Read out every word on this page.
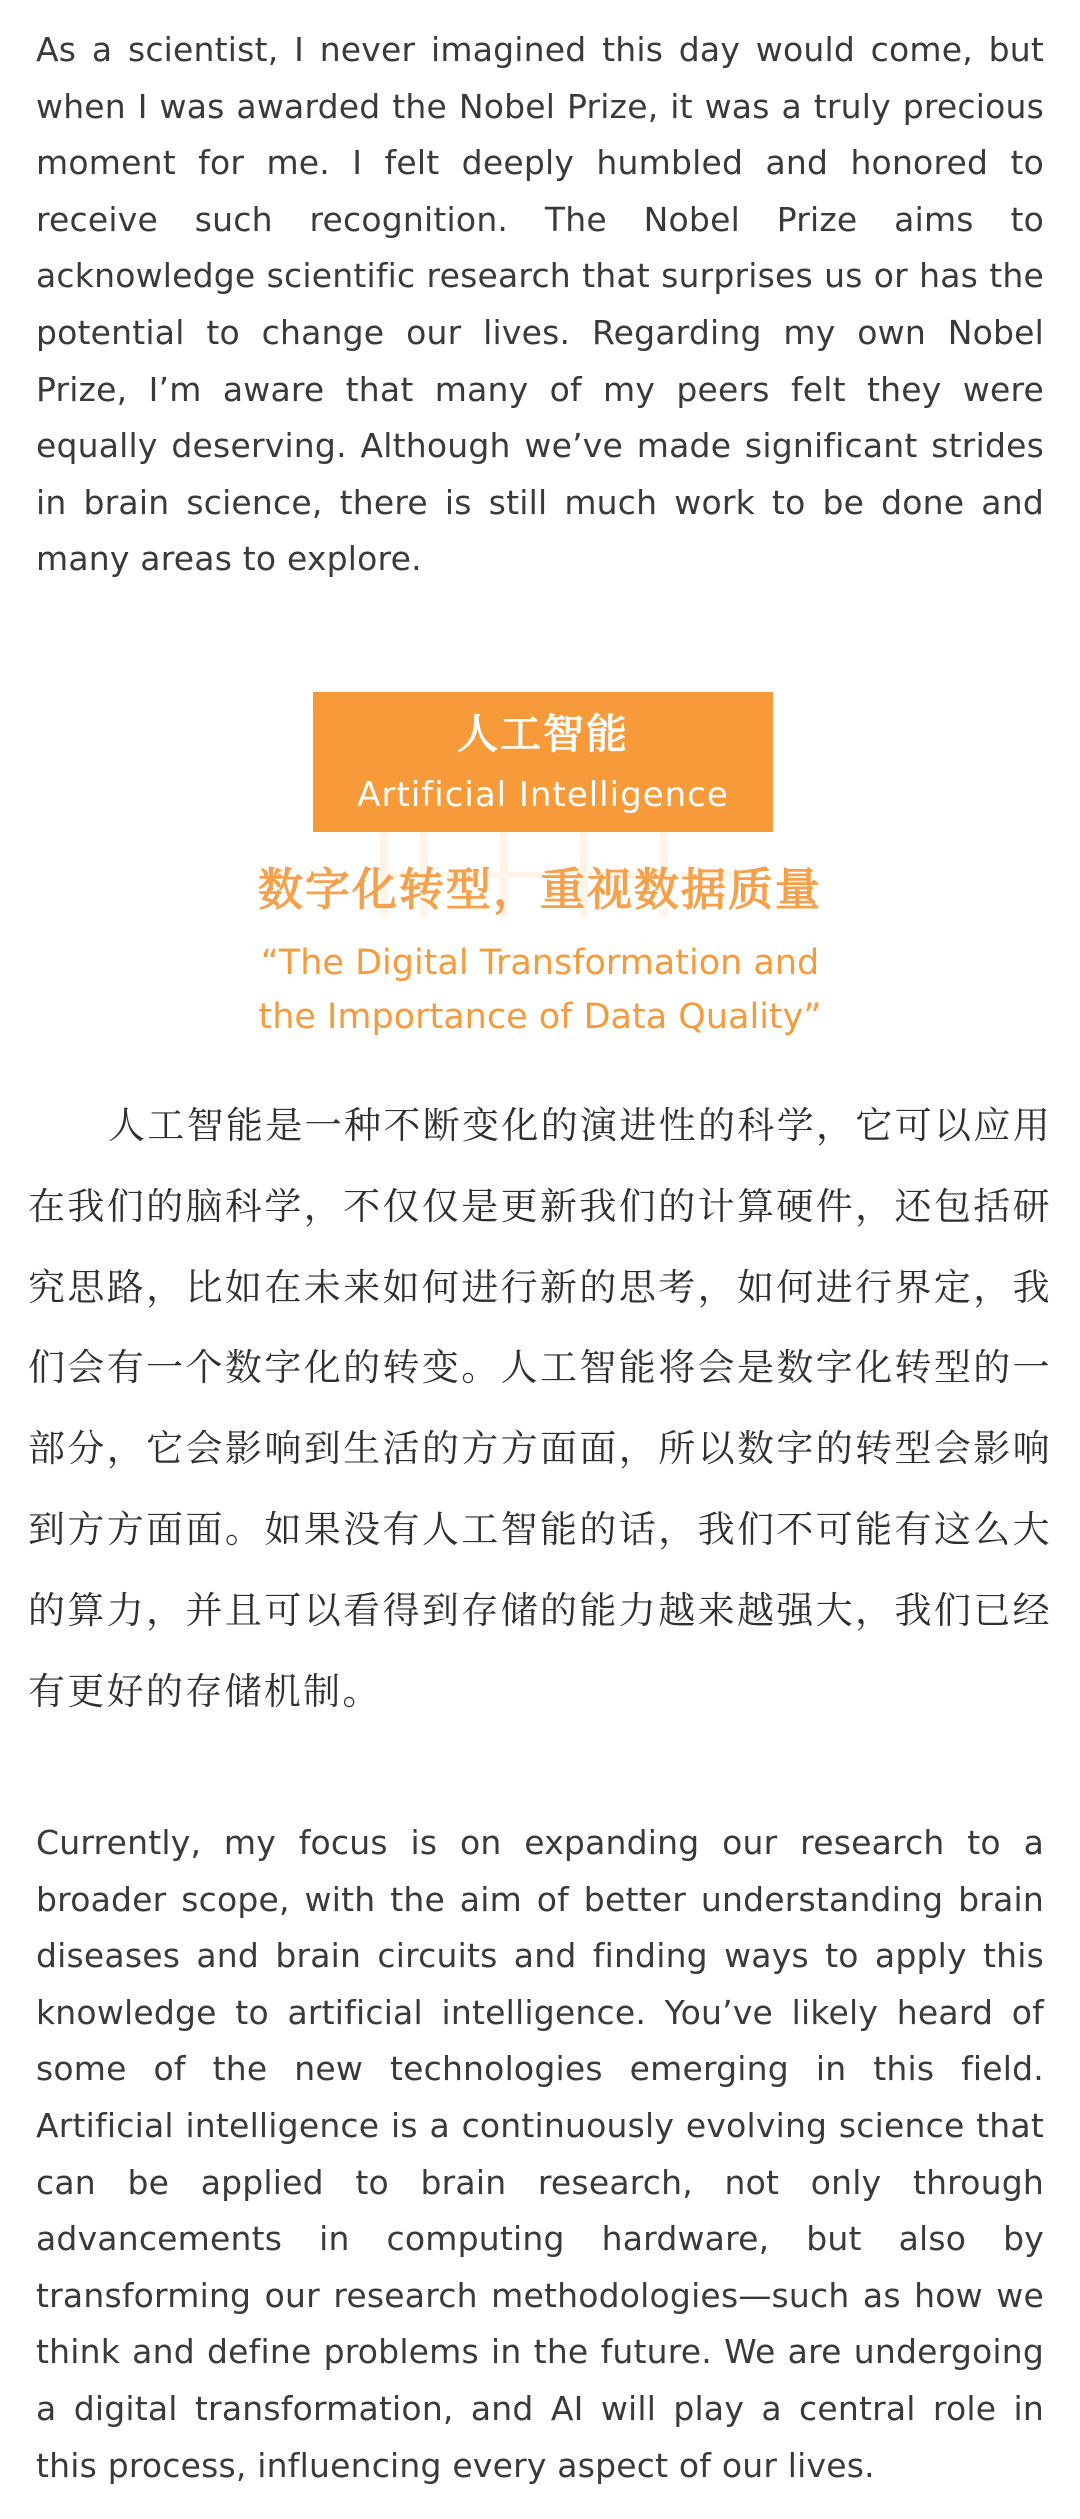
As a scientist, I never imagined this day would come, but when I was awarded the Nobel Prize, it was a truly precious moment for me. I felt deeply humbled and honored to receive such recognition. The Nobel Prize aims to acknowledge scientific research that surprises us or has the potential to change our lives. Regarding my own Nobel Prize, I’m aware that many of my peers felt they were equally deserving. Although we’ve made significant strides in brain science, there is still much work to be done and many areas to explore.

人工智能
Artificial Intelligence
数字化转型，重视数据质量
“The Digital Transformation and
the Importance of Data Quality”

人工智能是一种不断变化的演进性的科学，它可以应用在我们的脑科学，不仅仅是更新我们的计算硬件，还包括研究思路，比如在未来如何进行新的思考，如何进行界定，我们会有一个数字化的转变。人工智能将会是数字化转型的一部分，它会影响到生活的方方面面，所以数字的转型会影响到方方面面。如果没有人工智能的话，我们不可能有这么大的算力，并且可以看得到存储的能力越来越强大，我们已经有更好的存储机制。

Currently, my focus is on expanding our research to a broader scope, with the aim of better understanding brain diseases and brain circuits and finding ways to apply this knowledge to artificial intelligence. You’ve likely heard of some of the new technologies emerging in this field. Artificial intelligence is a continuously evolving science that can be applied to brain research, not only through advancements in computing hardware, but also by transforming our research methodologies—such as how we think and define problems in the future. We are undergoing a digital transformation, and AI will play a central role in this process, influencing every aspect of our lives.
